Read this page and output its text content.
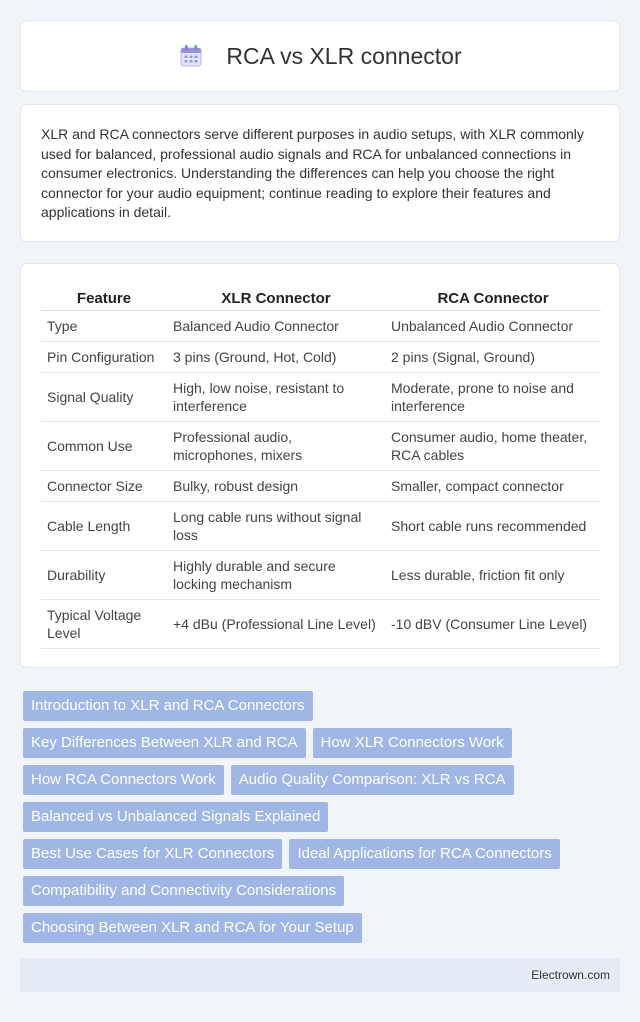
RCA vs XLR connector

XLR and RCA connectors serve different purposes in audio setups, with XLR commonly used for balanced, professional audio signals and RCA for unbalanced connections in consumer electronics. Understanding the differences can help you choose the right connector for your audio equipment; continue reading to explore their features and applications in detail.

Feature	XLR Connector	RCA Connector
Type	Balanced Audio Connector	Unbalanced Audio Connector
Pin Configuration	3 pins (Ground, Hot, Cold)	2 pins (Signal, Ground)
Signal Quality	High, low noise, resistant to interference	Moderate, prone to noise and interference
Common Use	Professional audio, microphones, mixers	Consumer audio, home theater, RCA cables
Connector Size	Bulky, robust design	Smaller, compact connector
Cable Length	Long cable runs without signal loss	Short cable runs recommended
Durability	Highly durable and secure locking mechanism	Less durable, friction fit only
Typical Voltage Level	+4 dBu (Professional Line Level)	-10 dBV (Consumer Line Level)
Introduction to XLR and RCA Connectors
Key Differences Between XLR and RCA	How XLR Connectors Work
How RCA Connectors Work	Audio Quality Comparison: XLR vs RCA
Balanced vs Unbalanced Signals Explained
Best Use Cases for XLR Connectors	Ideal Applications for RCA Connectors
Compatibility and Connectivity Considerations
Choosing Between XLR and RCA for Your Setup
Electrown.com
